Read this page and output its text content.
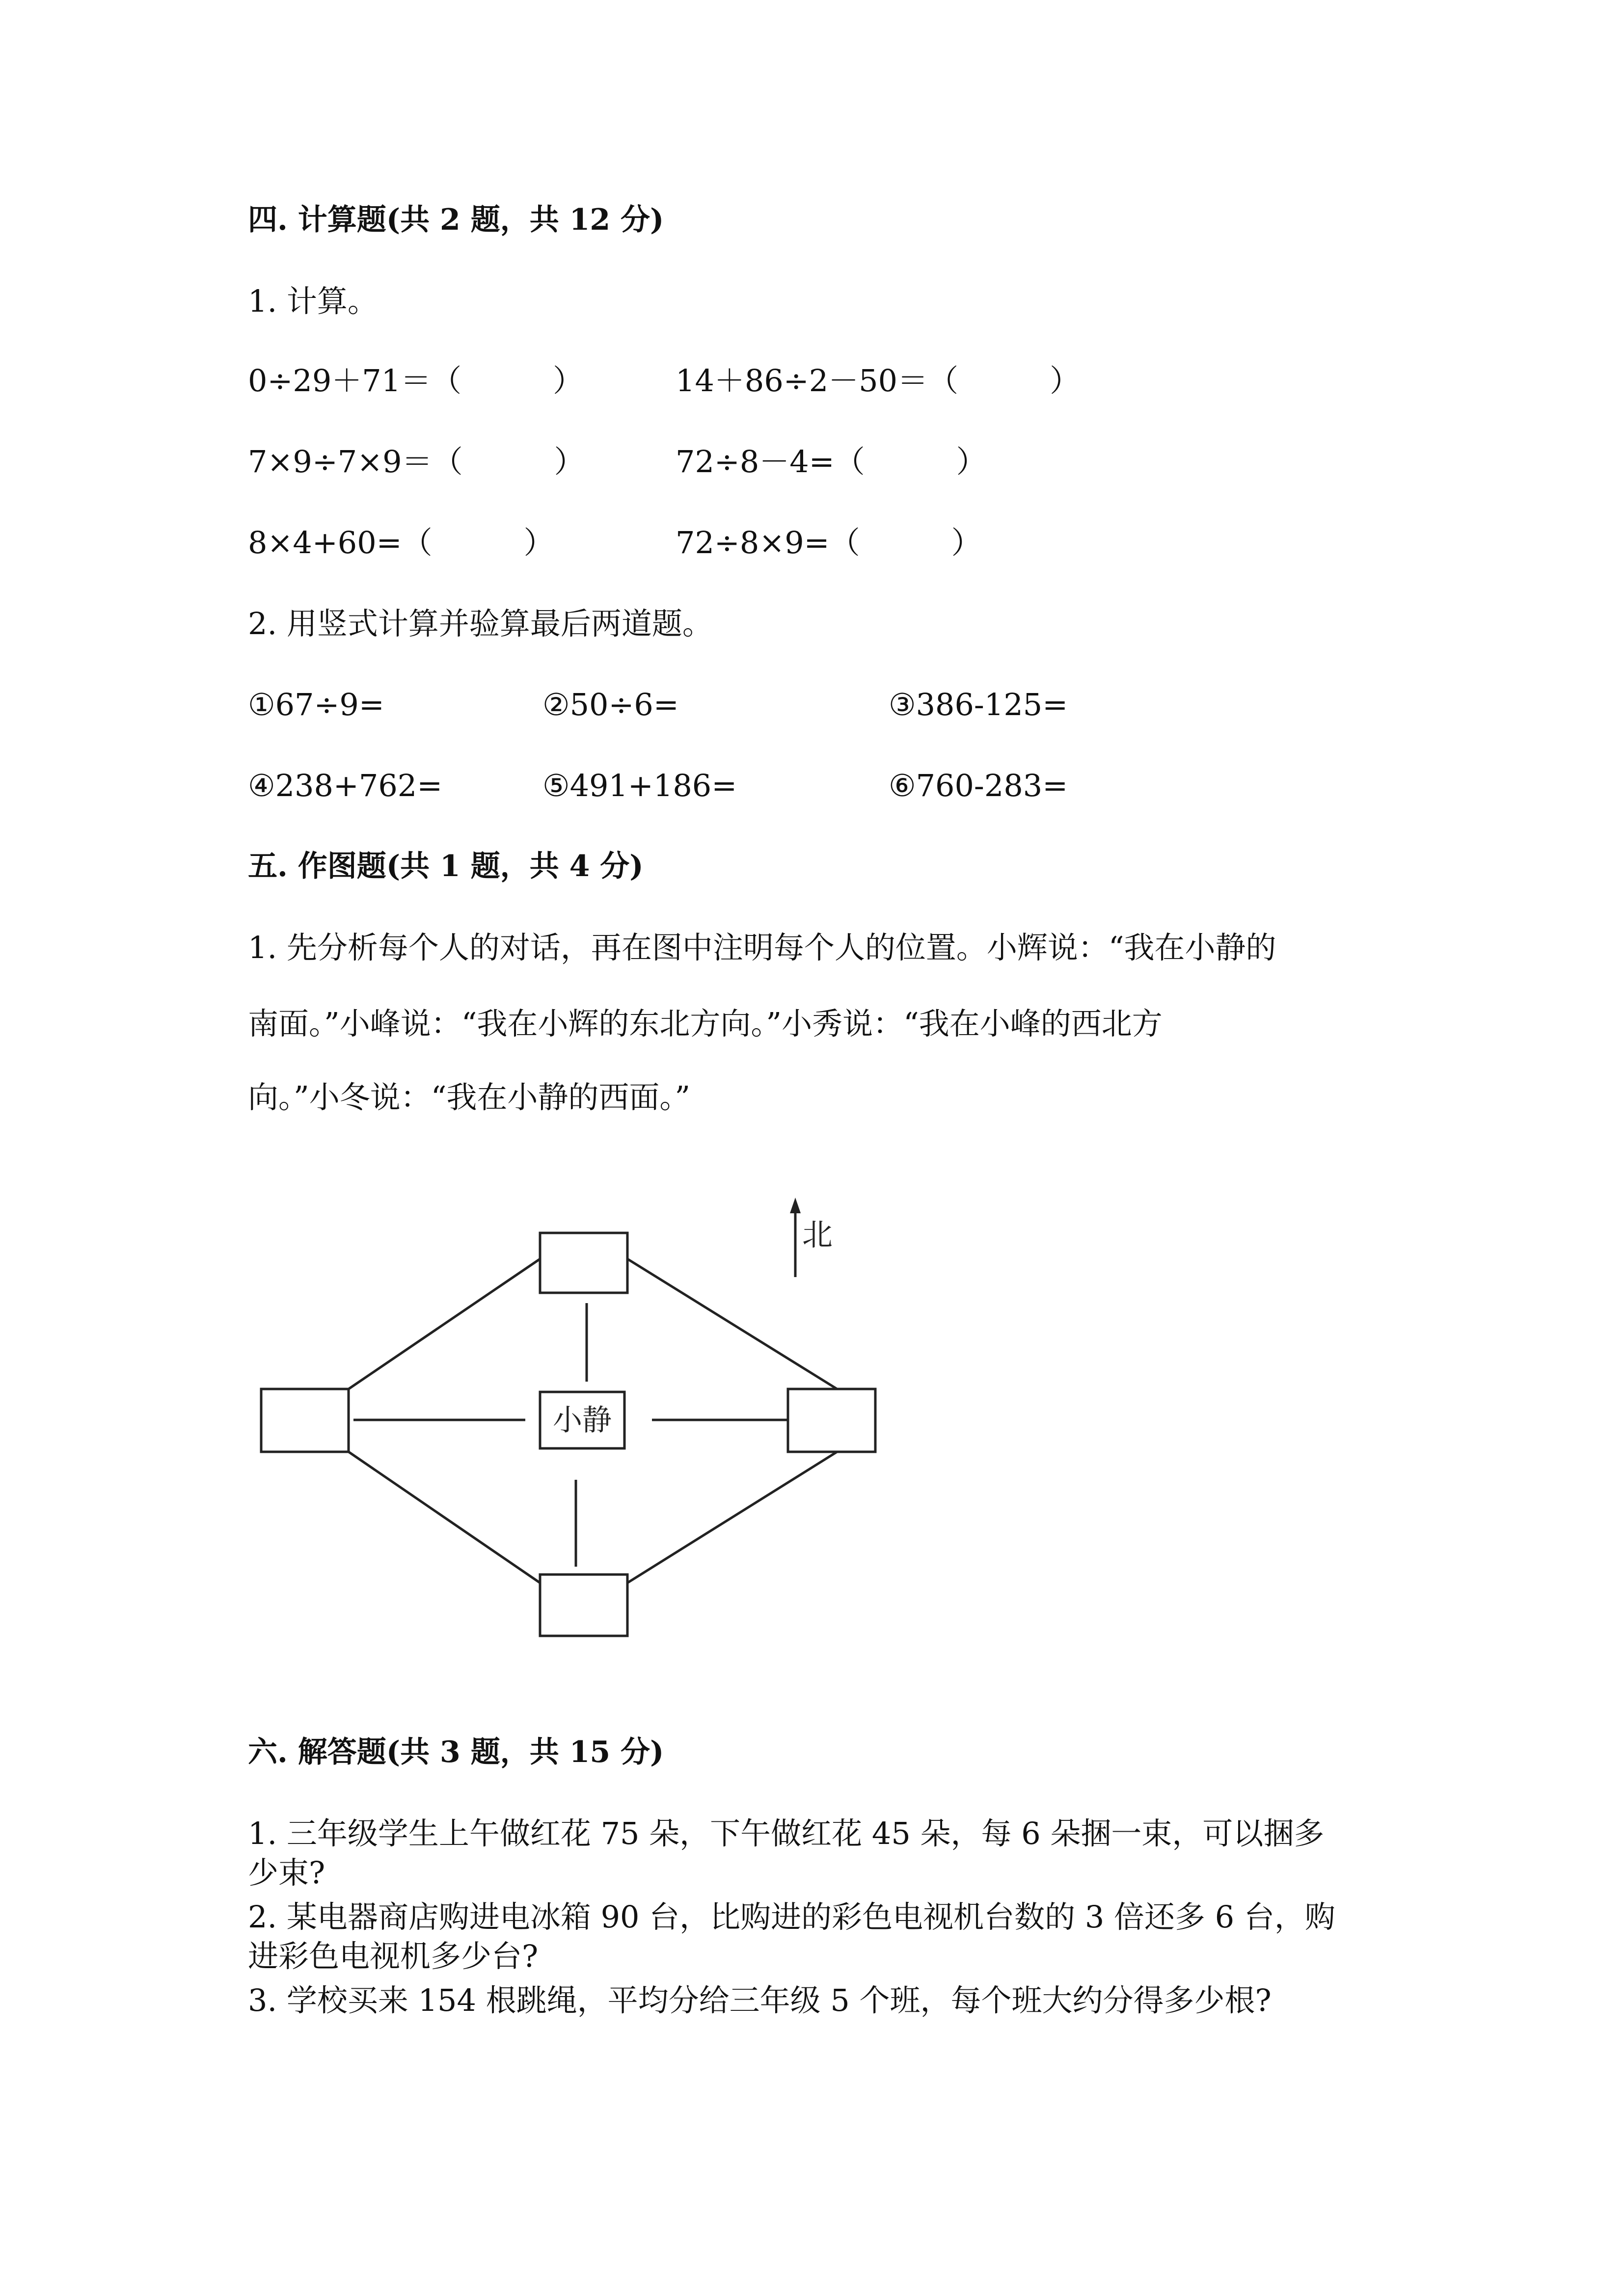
四. 计算题(共 2 题，共 12 分)
1. 计算。
0÷29＋71＝（　　　）	14＋86÷2－50＝（　　　）
7×9÷7×9＝（　　　）	72÷8－4=（　　　）
8×4+60=（　　　）	72÷8×9=（　　　）
2. 用竖式计算并验算最后两道题。
①67÷9=	②50÷6=	③386-125=
④238+762=	⑤491+186=	⑥760-283=
五. 作图题(共 1 题，共 4 分)
1. 先分析每个人的对话，再在图中注明每个人的位置。小辉说：“我在小静的
南面。”小峰说：“我在小辉的东北方向。”小秀说：“我在小峰的西北方
向。”小冬说：“我在小静的西面。”
小静
北
六. 解答题(共 3 题，共 15 分)
1. 三年级学生上午做红花 75 朵，下午做红花 45 朵，每 6 朵捆一束，可以捆多
少束?
2. 某电器商店购进电冰箱 90 台，比购进的彩色电视机台数的 3 倍还多 6 台，购
进彩色电视机多少台?
3. 学校买来 154 根跳绳，平均分给三年级 5 个班，每个班大约分得多少根?
